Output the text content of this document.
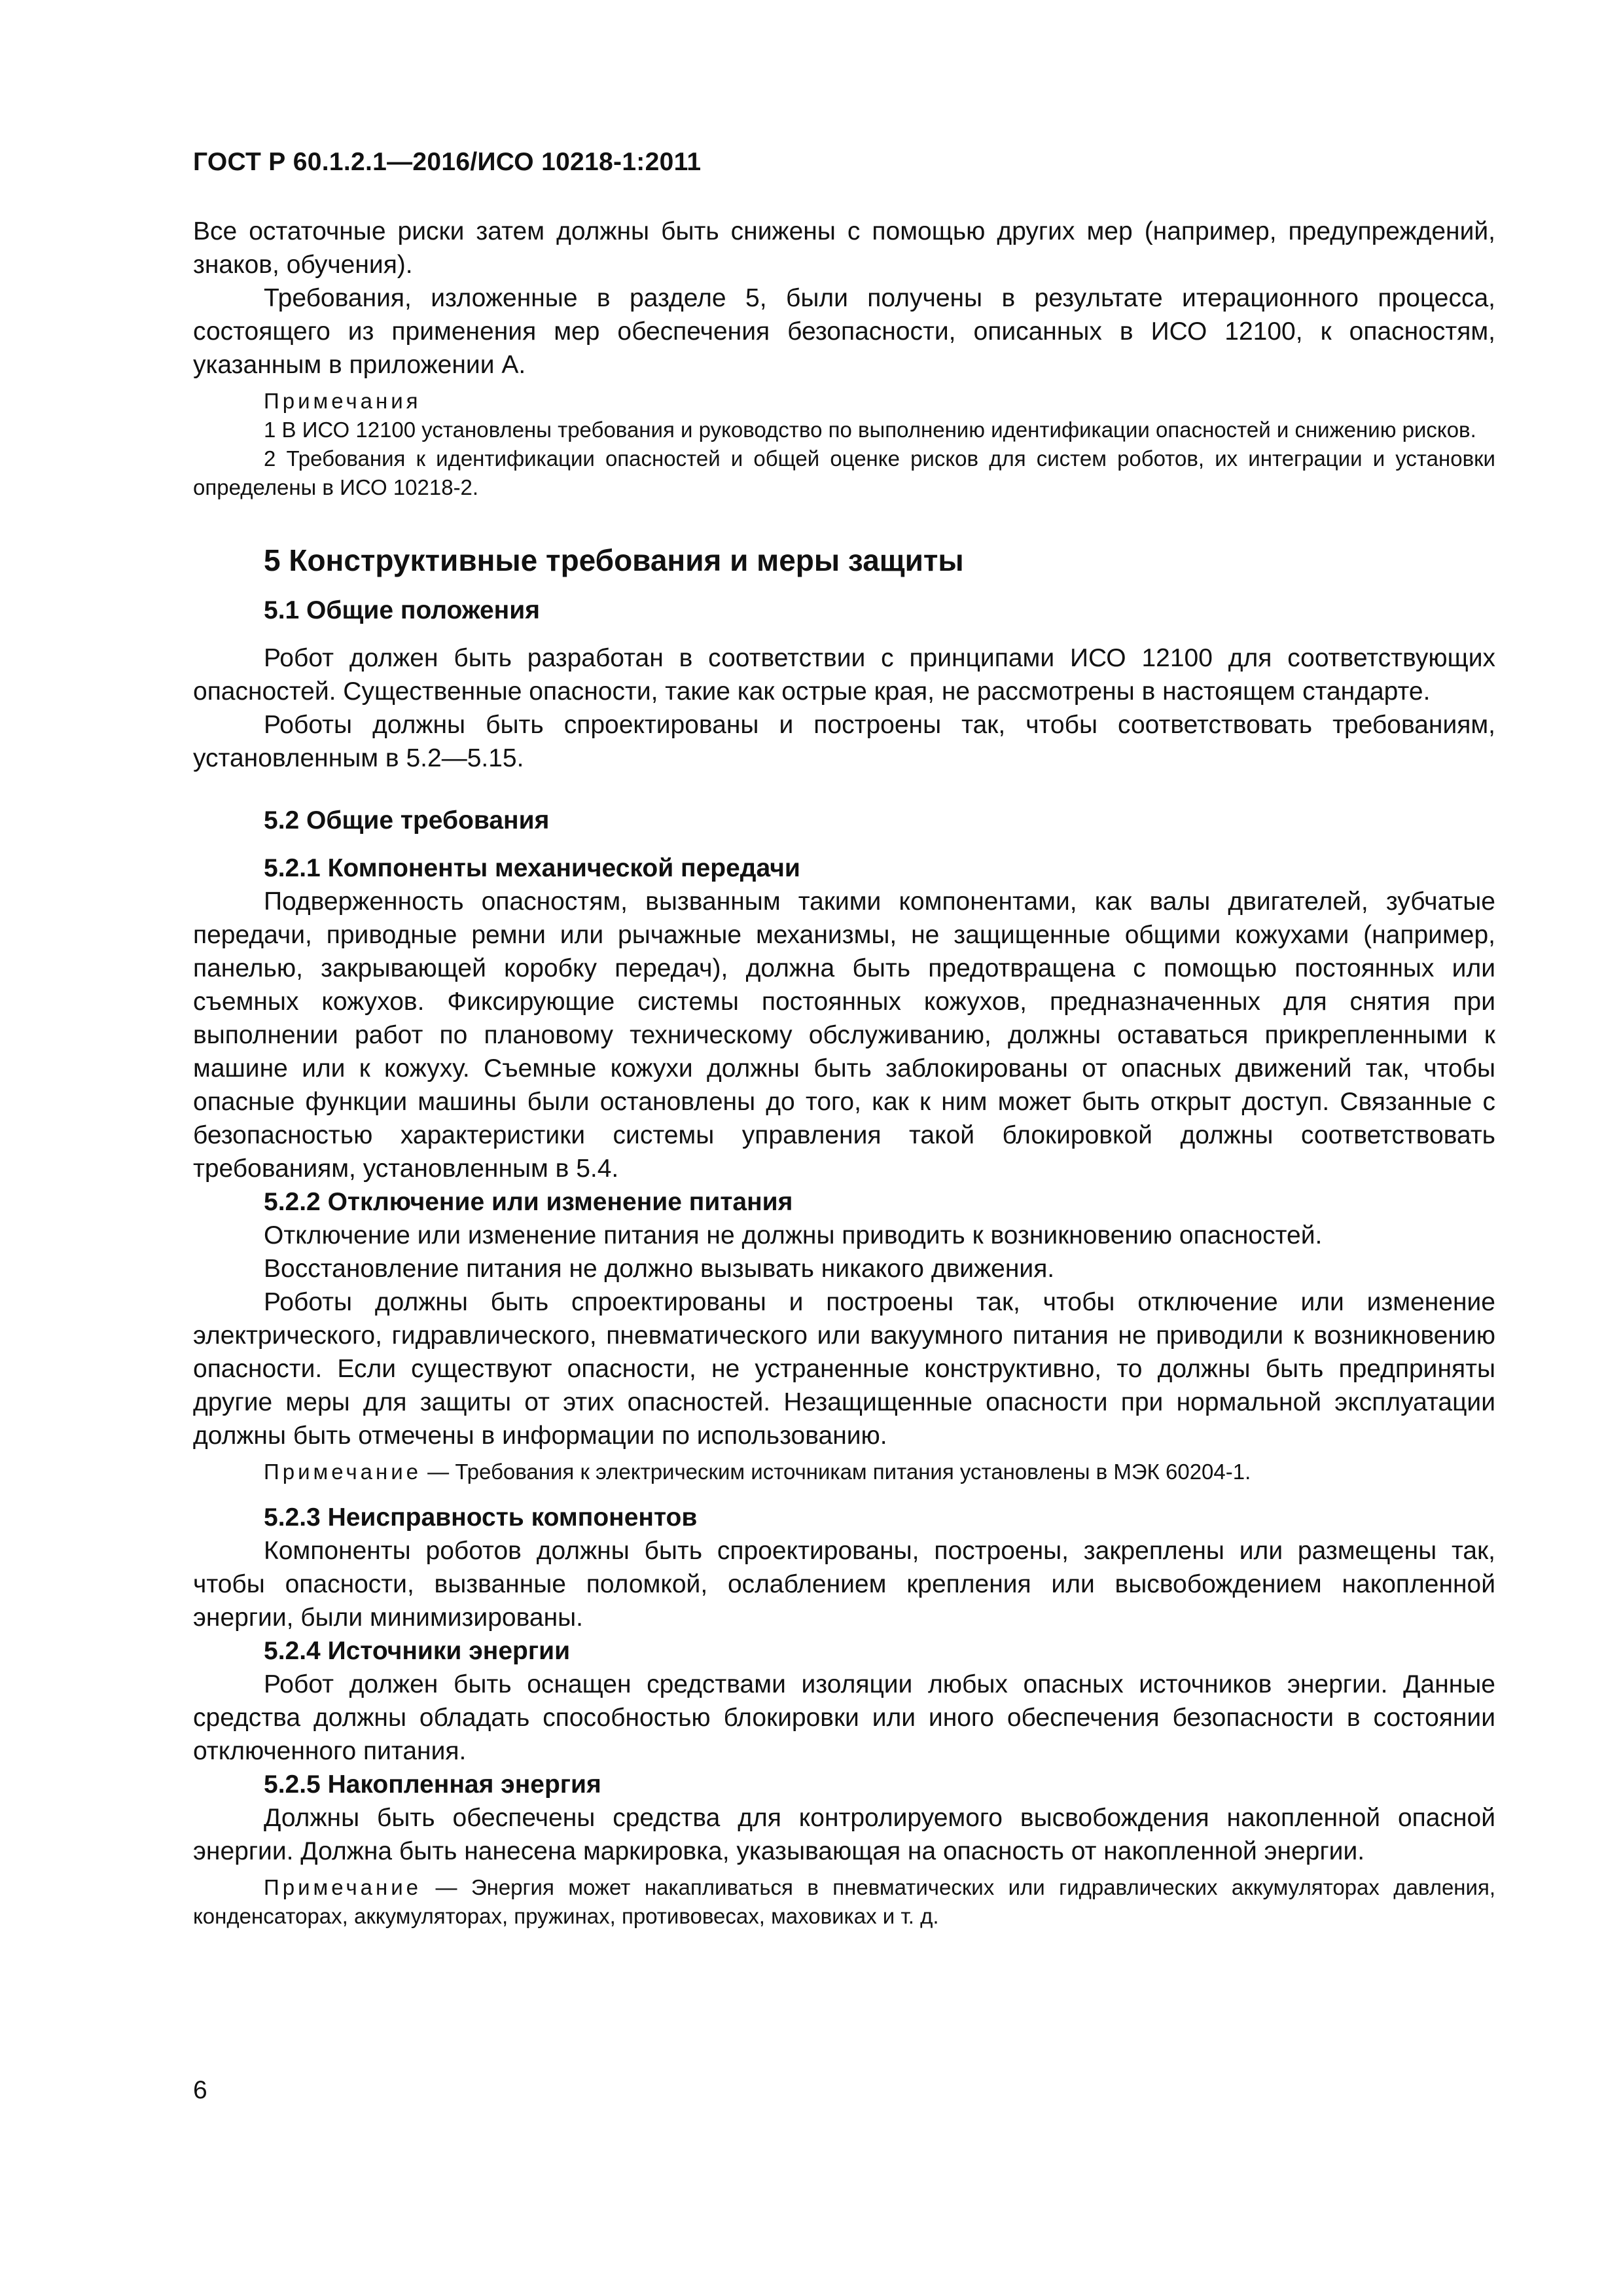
ГОСТ Р 60.1.2.1—2016/ИСО 10218-1:2011

Все остаточные риски затем должны быть снижены с помощью других мер (например, предупреждений, знаков, обучения).

Требования, изложенные в разделе 5, были получены в результате итерационного процесса, состоящего из применения мер обеспечения безопасности, описанных в ИСО 12100, к опасностям, указанным в приложении А.

Примечания
1 В ИСО 12100 установлены требования и руководство по выполнению идентификации опасностей и снижению рисков.
2 Требования к идентификации опасностей и общей оценке рисков для систем роботов, их интеграции и установки определены в ИСО 10218-2.
5 Конструктивные требования и меры защиты
5.1 Общие положения

Робот должен быть разработан в соответствии с принципами ИСО 12100 для соответствующих опасностей. Существенные опасности, такие как острые края, не рассмотрены в настоящем стандарте.

Роботы должны быть спроектированы и построены так, чтобы соответствовать требованиям, установленным в 5.2—5.15.

5.2 Общие требования
5.2.1 Компоненты механической передачи

Подверженность опасностям, вызванным такими компонентами, как валы двигателей, зубчатые передачи, приводные ремни или рычажные механизмы, не защищенные общими кожухами (например, панелью, закрывающей коробку передач), должна быть предотвращена с помощью постоянных или съемных кожухов. Фиксирующие системы постоянных кожухов, предназначенных для снятия при выполнении работ по плановому техническому обслуживанию, должны оставаться прикрепленными к машине или к кожуху. Съемные кожухи должны быть заблокированы от опасных движений так, чтобы опасные функции машины были остановлены до того, как к ним может быть открыт доступ. Связанные с безопасностью характеристики системы управления такой блокировкой должны соответствовать требованиям, установленным в 5.4.

5.2.2 Отключение или изменение питания

Отключение или изменение питания не должны приводить к возникновению опасностей.

Восстановление питания не должно вызывать никакого движения.

Роботы должны быть спроектированы и построены так, чтобы отключение или изменение электрического, гидравлического, пневматического или вакуумного питания не приводили к возникновению опасности. Если существуют опасности, не устраненные конструктивно, то должны быть предприняты другие меры для защиты от этих опасностей. Незащищенные опасности при нормальной эксплуатации должны быть отмечены в информации по использованию.

Примечание — Требования к электрическим источникам питания установлены в МЭК 60204-1.
5.2.3 Неисправность компонентов

Компоненты роботов должны быть спроектированы, построены, закреплены или размещены так, чтобы опасности, вызванные поломкой, ослаблением крепления или высвобождением накопленной энергии, были минимизированы.

5.2.4 Источники энергии

Робот должен быть оснащен средствами изоляции любых опасных источников энергии. Данные средства должны обладать способностью блокировки или иного обеспечения безопасности в состоянии отключенного питания.

5.2.5 Накопленная энергия

Должны быть обеспечены средства для контролируемого высвобождения накопленной опасной энергии. Должна быть нанесена маркировка, указывающая на опасность от накопленной энергии.

Примечание — Энергия может накапливаться в пневматических или гидравлических аккумуляторах давления, конденсаторах, аккумуляторах, пружинах, противовесах, маховиках и т. д.
6
